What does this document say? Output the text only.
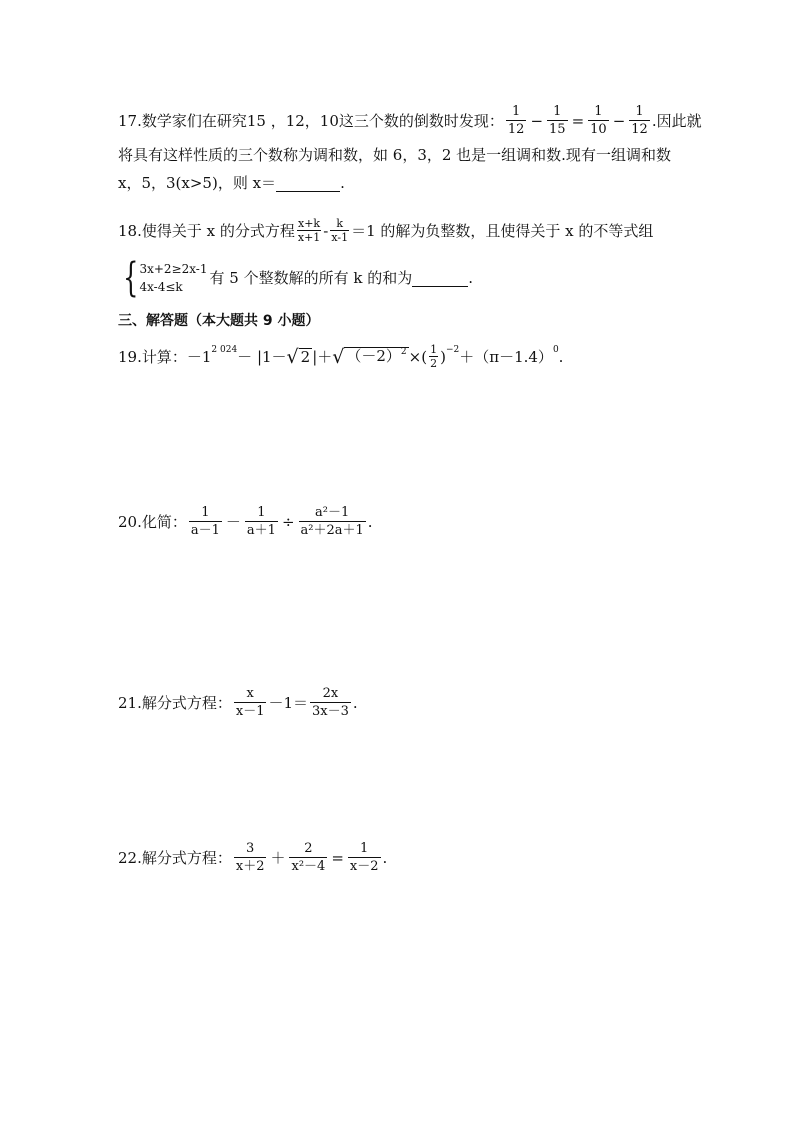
17.数学家们在研究15 ，12，10这三个数的倒数时发现： $\frac{1}{12} - \frac{1}{15} = \frac{1}{10} - \frac{1}{12}$ .因此就
将具有这样性质的三个数称为调和数，如 6，3，2 也是一组调和数.现有一组调和数
x，5，3(x>5)，则 x＝	.
18.使得关于 x 的分式方程 $\frac{x+k}{x+1} - \frac{k}{x-1} =1$ 的解为负整数，且使得关于 x 的不等式组
{ 3x+2≥2x-1
4x-4≤k	有 5 个整数解的所有 k 的和为	.
三、解答题（本大题共 9 小题）
19.计算：－1 2 024 － |1－ √ 2 |＋ √ $(-2)^2$ ×( $\frac{1}{2}$ ) −2 ＋（π－1.4） 0 .
20.化简： $\frac{1}{a-1} - \frac{1}{a+1} \div \frac{\text{a²－1}}{\text{a²＋2a＋1}}$ .
21.解分式方程： $\frac{x}{x-1} -1= \frac{2x}{3x-3}$ .
22.解分式方程： $\frac{3}{x+2} + \frac{2}{\text{x²－4}} = \frac{1}{x-2}$ .
